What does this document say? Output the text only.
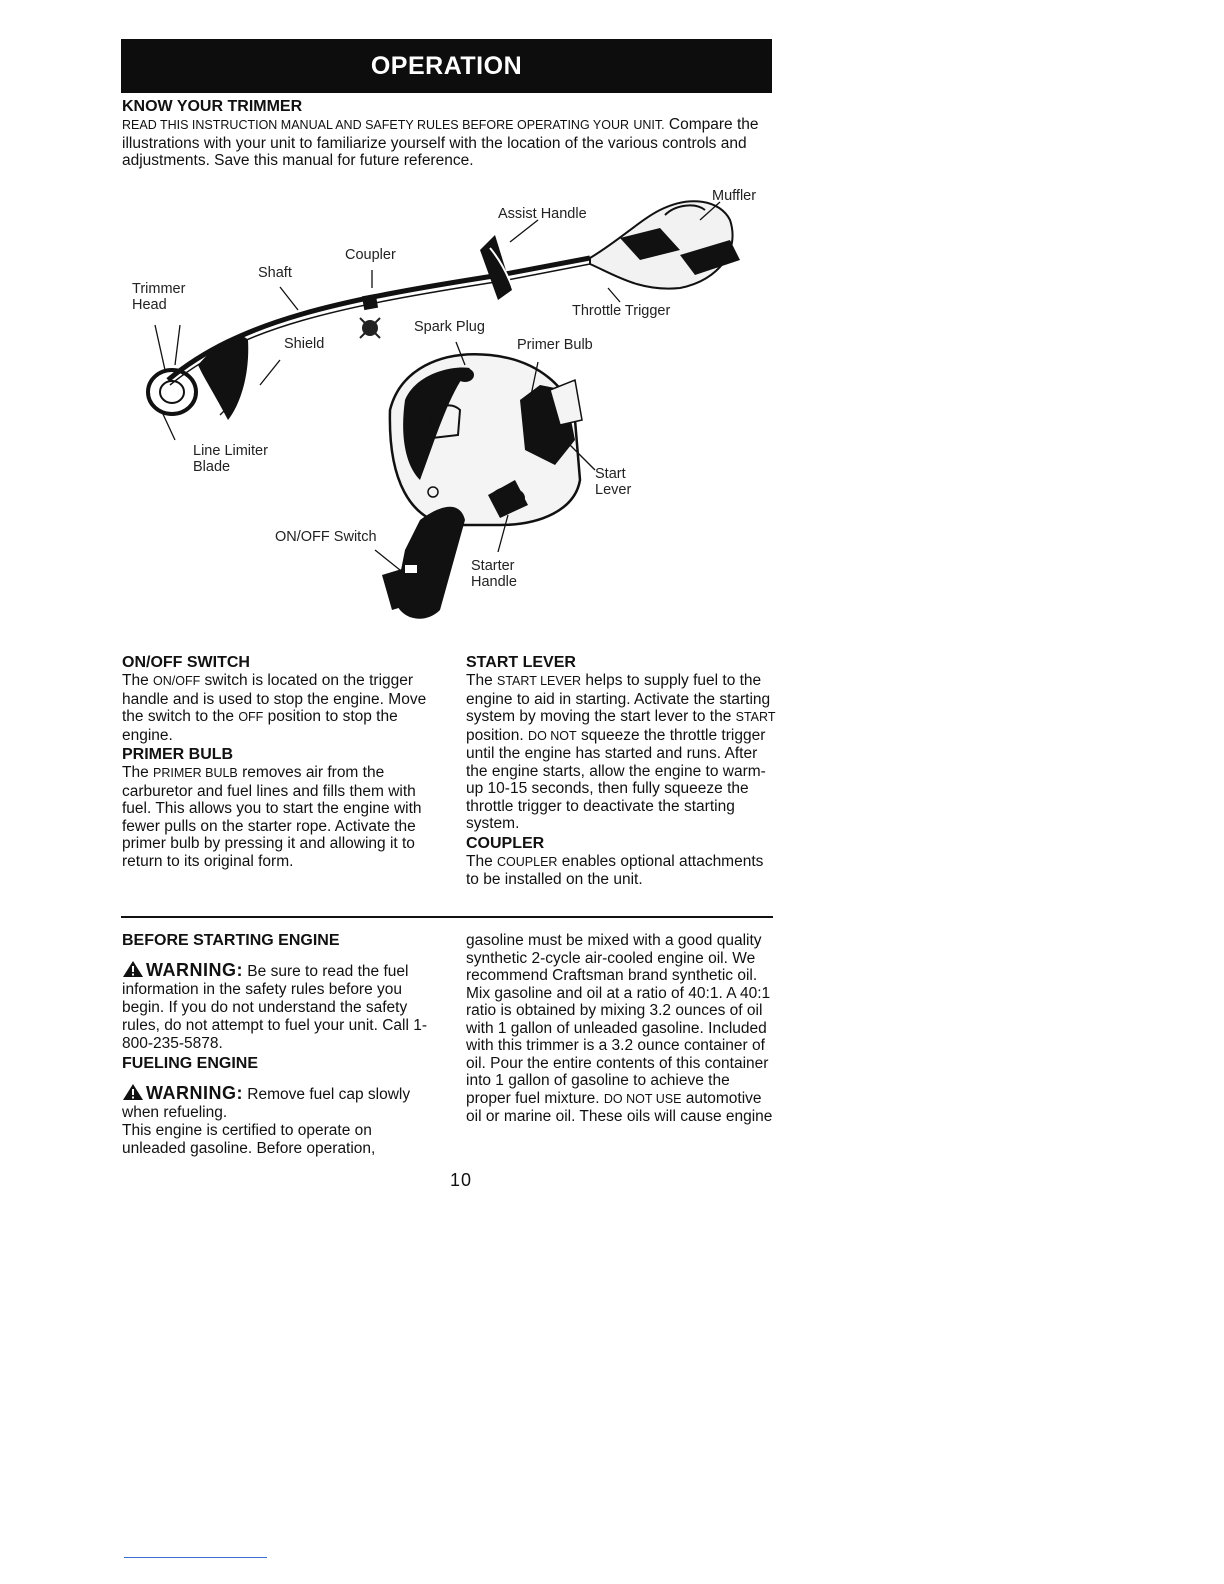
OPERATION

KNOW YOUR TRIMMER

READ THIS INSTRUCTION MANUAL AND SAFETY RULES BEFORE OPERATING YOUR UNIT. Compare the illustrations with your unit to familiarize yourself with the location of the various controls and adjustments. Save this manual for future reference.

Muffler
Assist Handle
Coupler
Shaft
Trimmer
Head	Throttle Trigger
Spark Plug
Shield	Primer Bulb
Line Limiter
Blade	Start
Lever
ON/OFF Switch
Starter
Handle

ON/OFF SWITCH

The ON/OFF switch is located on the trigger handle and is used to stop the engine. Move the switch to the OFF position to stop the engine.

PRIMER BULB

The PRIMER BULB removes air from the carburetor and fuel lines and fills them with fuel. This allows you to start the engine with fewer pulls on the starter rope. Activate the primer bulb by pressing it and allowing it to return to its original form.

START LEVER

The START LEVER helps to supply fuel to the engine to aid in starting. Activate the starting system by moving the start lever to the START position. DO NOT squeeze the throttle trigger until the engine has started and runs. After the engine starts, allow the engine to warm-up 10-15 seconds, then fully squeeze the throttle trigger to deactivate the starting system.

COUPLER

The COUPLER enables optional attachments to be installed on the unit.

BEFORE STARTING ENGINE

WARNING: Be sure to read the fuel information in the safety rules before you begin. If you do not understand the safety rules, do not attempt to fuel your unit. Call 1-800-235-5878.

FUELING ENGINE

WARNING: Remove fuel cap slowly when refueling.

This engine is certified to operate on unleaded gasoline. Before operation,

gasoline must be mixed with a good quality synthetic 2-cycle air-cooled engine oil. We recommend Craftsman brand synthetic oil. Mix gasoline and oil at a ratio of 40:1. A 40:1 ratio is obtained by mixing 3.2 ounces of oil with 1 gallon of unleaded gasoline. Included with this trimmer is a 3.2 ounce container of oil. Pour the entire contents of this container into 1 gallon of gasoline to achieve the proper fuel mixture. DO NOT USE automotive oil or marine oil. These oils will cause engine

10
